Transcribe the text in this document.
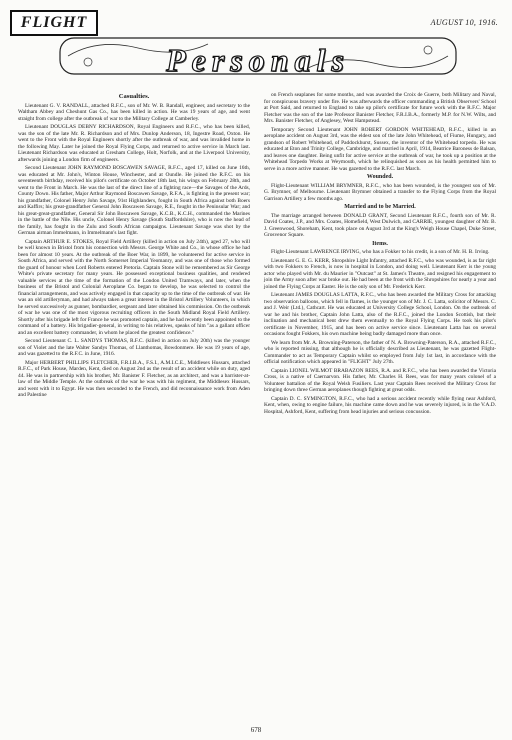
FLIGHT	AUGUST 10, 1916.
Personals
Casualties.

Lieutenant G. V. RANDALL, attached R.F.C., son of Mr. W. B. Randall, engineer, and secretary to the Waltham Abbey and Cheshunt Gas Co., has been killed in action. He was 19 years of age, and went straight from college after the outbreak of war to the Military College at Camberley.

Lieutenant DOUGLAS DEBNY RICHARDSON, Royal Engineers and R.F.C., who has been killed, was the son of the late Mr. R. Richardson and of Mrs. Dunlop Anderson, 18, Ingestre Road, Oxton. He went to the Front with the Royal Engineers shortly after the outbreak of war, and was invalided home in the following May. Later he joined the Royal Flying Corps, and returned to active service in March last. Lieutenant Richardson was educated at Gresham College, Holt, Norfolk, and at the Liverpool University, afterwards joining a London firm of engineers.

Second Lieutenant JOHN RAYMOND BOSCAWEN SAVAGE, R.F.C., aged 17, killed on June 16th, was educated at Mr. John's, Winton House, Winchester, and at Oundle. He joined the R.F.C. on his seventeenth birthday, received his pilot's certificate on October 18th last, his wings on February 28th, and went to the Front in March. He was the last of the direct line of a fighting race—the Savages of the Ards, County Down. His father, Major Arthur Raymond Boscawen Savage, R.F.A., is fighting in the present war; his grandfather, Colonel Henry John Savage, 91st Highlanders, fought in South Africa against both Boers and Kaffirs; his great-grandfather General John Boscawen Savage, R.E., fought in the Peninsular War; and his great-great-grandfather, General Sir John Boscawen Savage, K.C.B., K.C.H., commanded the Marines in the battle of the Nile. His uncle, Colonel Henry Savage (South Staffordshire), who is now the head of the family, has fought in the Zulu and South African campaigns. Lieutenant Savage was shot by the German airman Immelmann, in Immelmann's last fight.

Captain ARTHUR E. STOKES, Royal Field Artillery (killed in action on July 24th), aged 27, who will be well known in Bristol from his connection with Messrs. George White and Co., in whose office he had been for almost 10 years. At the outbreak of the Boer War, in 1899, he volunteered for active service in South Africa, and served with the North Somerset Imperial Yeomanry, and was one of those who formed the guard of honour when Lord Roberts entered Pretoria. Captain Stone will be remembered as Sir George White's private secretary for many years. He possessed exceptional business qualities, and rendered valuable services at the time of the formation of the London United Tramways, and later, when the business of the Bristol and Colonial Aeroplane Co. began to develop, he was selected to control the financial arrangements, and was actively engaged in that capacity up to the time of the outbreak of war. He was an old artilleryman, and had always taken a great interest in the Bristol Artillery Volunteers, in which he served successively as gunner, bombardier, sergeant and later obtained his commission. On the outbreak of war he was one of the most vigorous recruiting officers in the South Midland Royal Field Artillery. Shortly after his brigade left for France he was promoted captain, and he had recently been appointed to the command of a battery. His brigadier-general, in writing to his relatives, speaks of him "as a gallant officer and an excellent battery commander, in whom he placed the greatest confidence."

Second Lieutenant C. L. SANDYS THOMAS, R.F.C. (killed in action on July 20th) was the younger son of Violet and the late Walter Sandys Thomas, of Llanthomas, Bowdonmere. He was 19 years of age, and was gazetted to the R.F.C. in June, 1916.

Major HERBERT PHILLIPS FLETCHER, F.R.I.B.A., F.S.I., A.M.I.C.E., Middlesex Hussars, attached R.F.C., of Park House, Marden, Kent, died on August 2nd as the result of an accident while on duty, aged 44. He was in partnership with his brother, Mr. Banister F. Fletcher, as an architect, and was a barrister-at-law of the Middle Temple. At the outbreak of the war he was with his regiment, the Middlesex Hussars, and went with it to Egypt. He was then seconded to the French, and did reconnaissance work from Aden and Palestine

on French seaplanes for some months, and was awarded the Croix de Guerre, both Military and Naval, for conspicuous bravery under fire. He was afterwards the officer commanding a British Observers' School at Port Said, and returned to England to take up pilot's certificate for future work with the R.F.C. Major Fletcher was the son of the late Professor Banister Fletcher, F.R.I.B.A., formerly M.P. for N.W. Wilts, and Mrs. Banister Fletcher, of Anglesey, West Hampstead.

Temporary Second Lieutenant JOHN ROBERT GORDON WHITEHEAD, R.F.C., killed in an aeroplane accident on August 3rd, was the eldest son of the late John Whitehead, of Fiume, Hungary, and grandson of Robert Whitehead, of Paddockhurst, Sussex, the inventor of the Whitehead torpedo. He was educated at Eton and Trinity College, Cambridge, and married in April, 1914, Beatrice Baroness de Balsan, and leaves one daughter. Being unfit for active service at the outbreak of war, he took up a position at the Whitehead Torpedo Works at Weymouth, which he relinquished as soon as his health permitted him to serve in a more active manner. He was gazetted to the R.F.C. last March.

Wounded.

Flight-Lieutenant WILLIAM BRYMNER, R.F.C., who has been wounded, is the youngest son of Mr. G. Brymner, of Melbourne. Lieutenant Brymner obtained a transfer to the Flying Corps from the Royal Garrison Artillery a few months ago.

Married and to be Married.

The marriage arranged between DONALD GRANT, Second Lieutenant R.F.C., fourth son of Mr. R. David Coates, J.P., and Mrs. Coates, Homefield, West Dulwich, and CARRIE, youngest daughter of Mr. B. J. Greenwood, Shoreham, Kent, took place on August 3rd at the King's Weigh House Chapel, Duke Street, Grosvenor Square.

Items.

Flight-Lieutenant LAWRENCE IRVING, who has a Fokker to his credit, is a son of Mr. H. B. Irving.

Lieutenant G. E. G. KERR, Shropshire Light Infantry, attached R.F.C., who was wounded, is as far right with two Fokkers to French, is now in hospital in London, and doing well. Lieutenant Kerr is the young actor who played with Mr. du Maurier in "Outcast" at St. James's Theatre, and resigned his engagement to join the Army soon after war broke out. He had been at the front with the Shropshires for nearly a year and joined the Flying Corps at Easter. He is the only son of Mr. Frederick Kerr.

Lieutenant JAMES DOUGLAS LATTA, R.F.C., who has been awarded the Military Cross for attacking two observation balloons, which fell in flames, is the younger son of Mr. J. C. Latta, solicitor of Messrs. C. and J. Weir (Ltd.), Cathcart. He was educated at University College School, London. On the outbreak of war he and his brother, Captain John Latta, also of the R.F.C., joined the London Scottish, but their inclination and mechanical bent drew them eventually to the Royal Flying Corps. He took his pilot's certificate in November, 1915, and has been on active service since. Lieutenant Latta has on several occasions fought Fokkers, his own machine being badly damaged more than once.

We learn from Mr. A. Browning-Paterson, the father of N. A. Browning-Paterson, R.A., attached R.F.C., who is reported missing, that although he is officially described as Lieutenant, he was gazetted Flight-Commander to act as Temporary Captain whilst so employed from July 1st last, in accordance with the official notification which appeared in "FLIGHT" July 27th.

Captain LIONEL WILMOT BRABAZON REES, R.A. and R.F.C., who has been awarded the Victoria Cross, is a native of Caernarvon. His father, Mr. Charles H. Rees, was for many years colonel of a Volunteer battalion of the Royal Welsh Fusiliers. Last year Captain Rees received the Military Cross for bringing down three German aeroplanes though fighting at great odds.

Captain D. C. SYMINGTON, R.F.C., who had a serious accident recently while flying near Ashford, Kent, when, owing to engine failure, his machine came down and he was severely injured, is in the V.A.D. Hospital, Ashford, Kent, suffering from head injuries and serious concussion.

678
